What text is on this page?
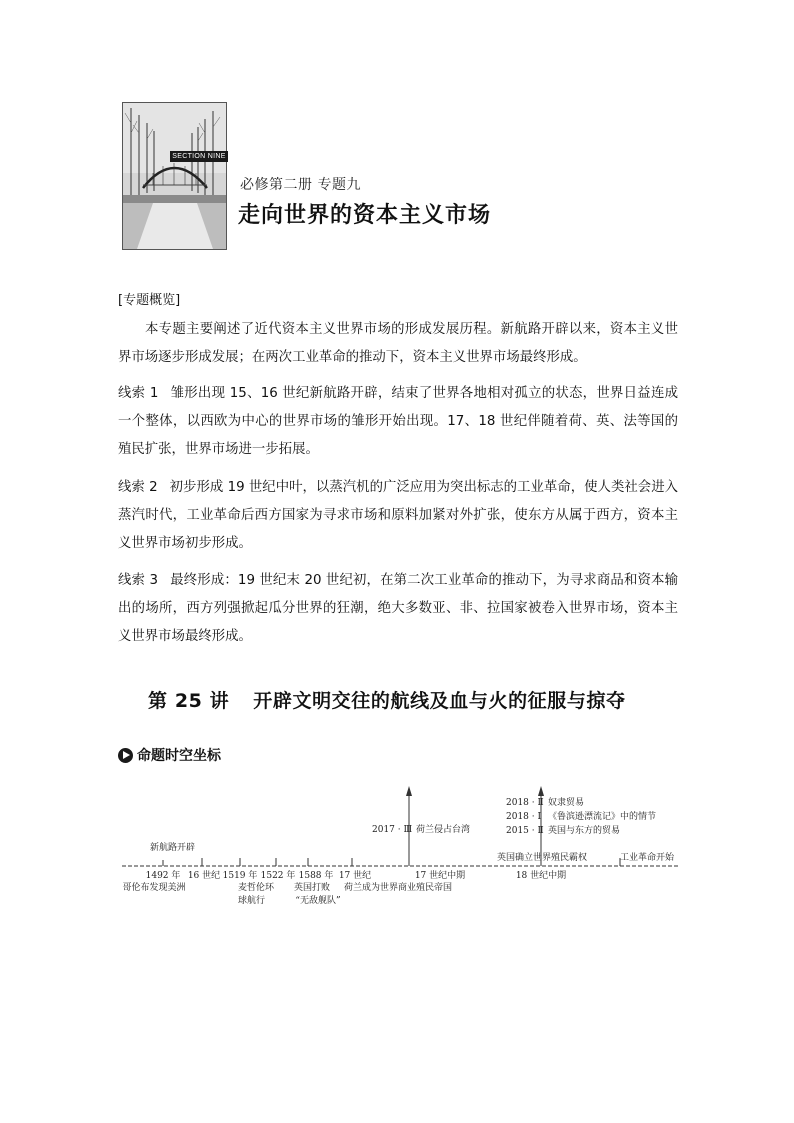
SECTION NINE
必修第二册 专题九
走向世界的资本主义市场
[专题概览]
本专题主要阐述了近代资本主义世界市场的形成发展历程。新航路开辟以来，资本主义世界市场逐步形成发展；在两次工业革命的推动下，资本主义世界市场最终形成。
线索 1 雏形出现 15、16 世纪新航路开辟，结束了世界各地相对孤立的状态，世界日益连成一个整体，以西欧为中心的世界市场的雏形开始出现。17、18 世纪伴随着荷、英、法等国的殖民扩张，世界市场进一步拓展。
线索 2 初步形成 19 世纪中叶，以蒸汽机的广泛应用为突出标志的工业革命，使人类社会进入蒸汽时代，工业革命后西方国家为寻求市场和原料加紧对外扩张，使东方从属于西方，资本主义世界市场初步形成。
线索 3 最终形成：19 世纪末 20 世纪初，在第二次工业革命的推动下，为寻求商品和资本输出的场所，西方列强掀起瓜分世界的狂潮，绝大多数亚、非、拉国家被卷入世界市场，资本主义世界市场最终形成。
第 25 讲 开辟文明交往的航线及血与火的征服与掠夺
命题时空坐标
新航路开辟
2017 · Ⅲ 荷兰侵占台湾
2018 · Ⅱ
2018 · Ⅰ
2015 · Ⅱ
奴隶贸易
《鲁滨逊漂流记》中的情节
英国与东方的贸易
英国确立世界殖民霸权	工业革命开始
1492 年
哥伦布发现美洲
16 世纪 1519 年 1522 年
麦哲伦环
球航行
1588 年
英国打败
“无敌舰队”
17 世纪
荷兰成为世界商业殖民帝国
17 世纪中期	18 世纪中期
